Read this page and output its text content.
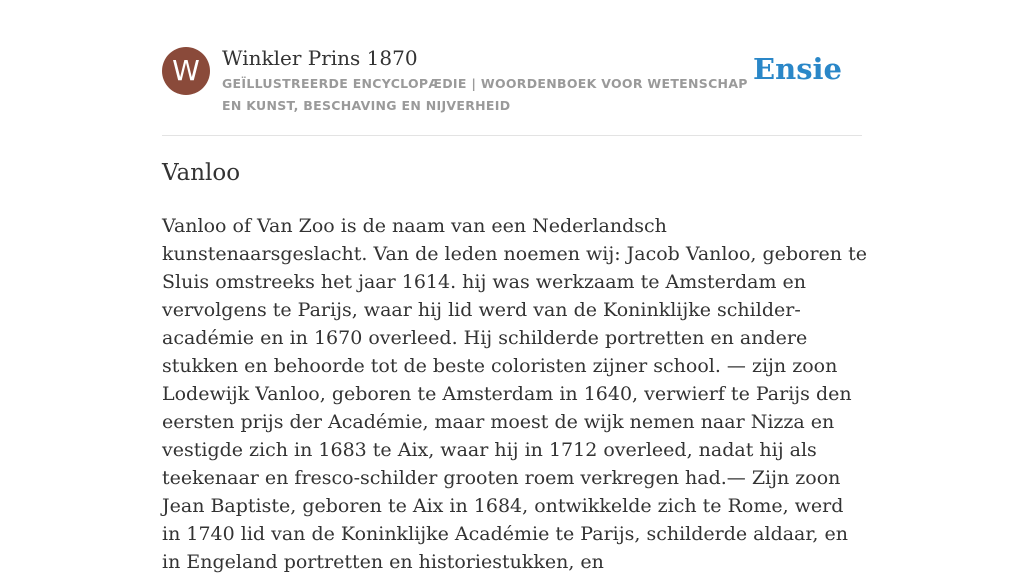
W	Winkler Prins 1870
GEÏLLUSTREERDE ENCYCLOPÆDIE | WOORDENBOEK VOOR WETENSCHAP EN KUNST, BESCHAVING EN NIJVERHEID
Ensie
Vanloo

Vanloo of Van Zoo is de naam van een Nederlandsch kunstenaarsgeslacht. Van de leden noemen wij: Jacob Vanloo, geboren te Sluis omstreeks het jaar 1614. hij was werkzaam te Amsterdam en vervolgens te Parijs, waar hij lid werd van de Koninklijke schilder-académie en in 1670 overleed. Hij schilderde portretten en andere stukken en behoorde tot de beste coloristen zijner school. — zijn zoon Lodewijk Vanloo, geboren te Amsterdam in 1640, verwierf te Parijs den eersten prijs der Académie, maar moest de wijk nemen naar Nizza en vestigde zich in 1683 te Aix, waar hij in 1712 overleed, nadat hij als teekenaar en fresco-schilder grooten roem verkregen had.— Zijn zoon Jean Baptiste, geboren te Aix in 1684, ontwikkelde zich te Rome, werd in 1740 lid van de Koninklijke Académie te Parijs, schilderde aldaar, en in Engeland portretten en historiestukken, en
